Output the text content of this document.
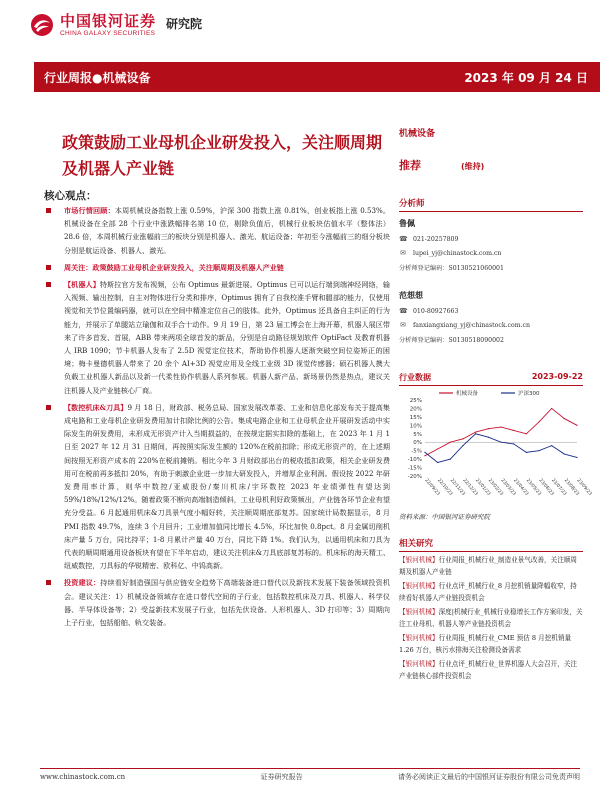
中国银河证券
CHINA GALAXY SECURITIES
研究院
行业周报●机械设备	2023 年 09 月 24 日
政策鼓励工业母机企业研发投入，关注顺周期及机器人产业链
核心观点：
市场行情回顾：本周机械设备指数上涨 0.59%，沪深 300 指数上涨 0.81%，创业板指上涨 0.53%。机械设备在全部 28 个行业中涨跌幅排名第 10 位，剔除负值后，机械行业板块估值水平（整体法）28.6 倍，本周机械行业涨幅前三的板块分别是机器人、激光、航运设备；年初至今涨幅前三的细分板块分别是航运设备、机器人、激光。
周关注：政策鼓励工业母机企业研发投入，关注顺周期及机器人产业链
【机器人】特斯拉官方发布视频，公布 Optimus 最新进展。Optimus 已可以运行端到端神经网络，输入视频、输出控制，自主对物体进行分类和排序，Optimus 拥有了自我校准手臂和腿部的能力，仅使用视觉和关节位置编码器，就可以在空间中精准定位自己的肢体。此外，Optimus 还具备自主纠正的行为能力，并展示了单腿站立瑜伽和双手合十动作。9 月 19 日，第 23 届工博会在上海开幕，机器人展区带来了许多首发、首展，ABB 带来两项全球首发的新品，分别是自动路径规划软件 OptiFact 及教育机器人 IRB 1090；节卡机器人发布了 2.5D 视觉定位技术，帮助协作机器人逐渐突破空间位姿矫正的困境；梅卡曼德机器人带来了 20 余个 AI+3D 视觉应用及全线工业级 3D 视觉传感器；硕石机器人携大负载工业机器人新品以及新一代柔性协作机器人系列参展。机器人新产品、新场景仍然是热点，建议关注机器人及产业链核心厂商。
【数控机床&刀具】9 月 18 日，财政部、税务总局、国家发展改革委、工业和信息化部发布关于提高集成电路和工业母机企业研发费用加计扣除比例的公告。集成电路企业和工业母机企业开展研发活动中实际发生的研发费用，未形成无形资产计入当期损益的，在按规定据实扣除的基础上，在 2023 年 1 月 1 日至 2027 年 12 月 31 日期间，再按照实际发生额的 120%在税前扣除；形成无形资产的，在上述期间按照无形资产成本的 220%在税前摊销。相比今年 3 月财政部出台的税收抵扣政策，相关企业研发费用可在税前再多抵扣 20%，有助于刺激企业进一步加大研发投入，并增厚企业利润。假设按 2022 年研发费用率计算，则华中数控/亚威股份/秦川机床/宇环数控 2023 年业绩弹性有望达到 59%/18%/12%/12%。随着政策不断向高端制造倾斜，工业母机利好政策频出，产业链各环节企业有望充分受益。6 月起通用机床&刀具景气度小幅好转，关注顺周期底部复苏。国家统计局数据显示，8 月 PMI 指数 49.7%，连续 3 个月回升；工业增加值同比增长 4.5%，环比加快 0.8pct。8 月金属切削机床产量 5 万台，同比持平；1-8 月累计产量 40 万台，同比下降 1%。我们认为，以通用机床和刀具为代表的顺周期通用设备板块有望在下半年启动，建议关注机床&刀具底部复苏标的。机床标的海天精工、纽威数控，刀具标的华锐精密、欧科亿、中钨高新。
投资建议：持续看好制造强国与供应链安全趋势下高端装备进口替代以及新技术发展下装备领域投资机会。建议关注：1）机械设备领域存在进口替代空间的子行业，包括数控机床及刀具、机器人、科学仪器、半导体设备等；2）受益新技术发展子行业，包括先伏设备、人形机器人、3D 打印等；3）周期向上子行业，包括船舶、轨交装备。
机械设备
推荐	(维持)
分析师
鲁佩
☎ 021-20257809
✉ lupei_yj@chinastock.com.cn
分析师登记编码：S0130521060001
范想想
☎ 010-80927663
✉ fanxiangxiang_yj@chinastock.com.cn
分析师登记编码：S0130518090002
行业数据	2023-09-22
25%
20%
15%
10%
5%
0%
-5%
-10%
-15%
-20%
22/09/23
22/10/23
22/11/23
22/12/23
23/01/23
23/02/23
23/03/23
23/04/23
23/05/23
23/06/23
23/07/23
23/08/23
23/09/23
机械设备	沪深300
资料来源：中国银河证券研究院
相关研究
【银河机械】行业周报_机械行业_制造业景气改善，关注顺周期及机器人产业链
【银河机械】行业点评_机械行业_8 月挖机销量降幅收窄，持续看好机器人产业链投资机会
【银河机械】深度|机械行业_机械行业稳增长工作方案印发，关注工业母机、机器人等产业链投资机会
【银河机械】行业周报_机械行业_CME 预估 8 月挖机销量 1.26 万台，核污水排海关注检测设备需求
【银河机械】行业点评_机械行业_世界机器人大会召开，关注产业链核心部件投资机会
www.chinastock.com.cn	证券研究报告	请务必阅读正文最后的中国银河证券股份有限公司免责声明
